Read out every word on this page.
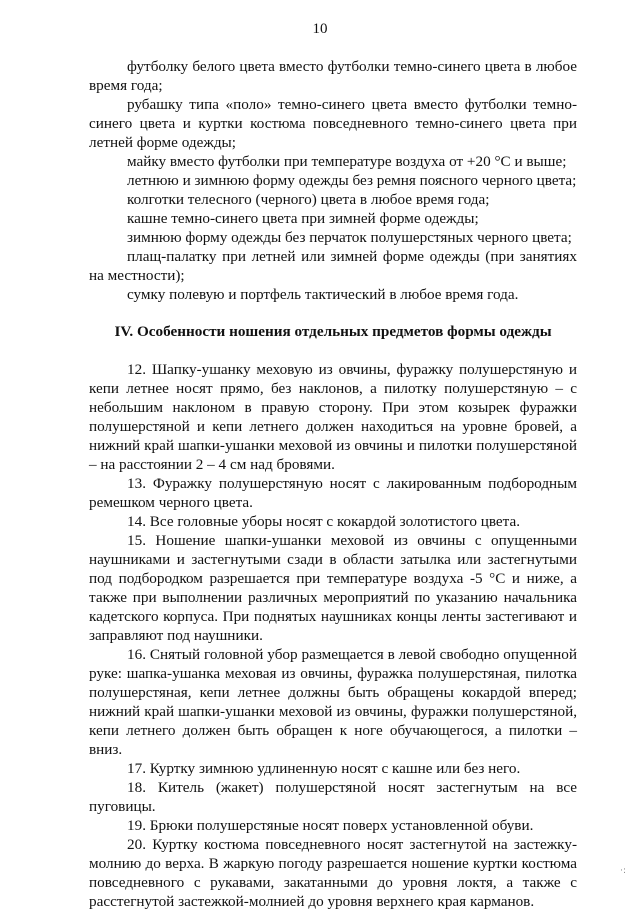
10

футболку белого цвета вместо футболки темно-синего цвета в любое время года;

рубашку типа «поло» темно-синего цвета вместо футболки темно-синего цвета и куртки костюма повседневного темно-синего цвета при летней форме одежды;

майку вместо футболки при температуре воздуха от +20 °С и выше;

летнюю и зимнюю форму одежды без ремня поясного черного цвета;

колготки телесного (черного) цвета в любое время года;

кашне темно-синего цвета при зимней форме одежды;

зимнюю форму одежды без перчаток полушерстяных черного цвета;

плащ-палатку при летней или зимней форме одежды (при занятиях на местности);

сумку полевую и портфель тактический в любое время года.

IV. Особенности ношения отдельных предметов формы одежды

12. Шапку-ушанку меховую из овчины, фуражку полушерстяную и кепи летнее носят прямо, без наклонов, а пилотку полушерстяную – с небольшим наклоном в правую сторону. При этом козырек фуражки полушерстяной и кепи летнего должен находиться на уровне бровей, а нижний край шапки-ушанки меховой из овчины и пилотки полушерстяной – на расстоянии 2 – 4 см над бровями.

13. Фуражку полушерстяную носят с лакированным подбородным ремешком черного цвета.

14. Все головные уборы носят с кокардой золотистого цвета.

15. Ношение шапки-ушанки меховой из овчины с опущенными наушниками и застегнутыми сзади в области затылка или застегнутыми под подбородком разрешается при температуре воздуха -5 °С и ниже, а также при выполнении различных мероприятий по указанию начальника кадетского корпуса. При поднятых наушниках концы ленты застегивают и заправляют под наушники.

16. Снятый головной убор размещается в левой свободно опущенной руке: шапка-ушанка меховая из овчины, фуражка полушерстяная, пилотка полушерстяная, кепи летнее должны быть обращены кокардой вперед; нижний край шапки-ушанки меховой из овчины, фуражки полушерстяной, кепи летнего должен быть обращен к ноге обучающегося, а пилотки – вниз.

17. Куртку зимнюю удлиненную носят с кашне или без него.

18. Китель (жакет) полушерстяной носят застегнутым на все пуговицы.

19. Брюки полушерстяные носят поверх установленной обуви.

20. Куртку костюма повседневного носят застегнутой на застежку-молнию до верха. В жаркую погоду разрешается ношение куртки костюма повседневного с рукавами, закатанными до уровня локтя, а также с расстегнутой застежкой-молнией до уровня верхнего края карманов.

·:
